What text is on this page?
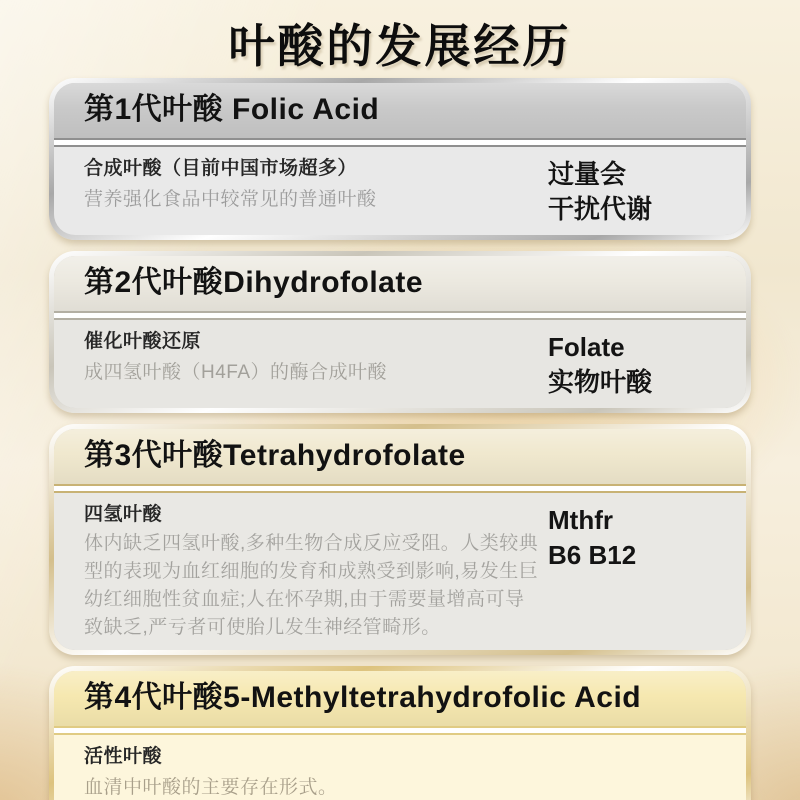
叶酸的发展经历
第1代叶酸 Folic Acid
合成叶酸（目前中国市场超多）
营养强化食品中较常见的普通叶酸
过量会
干扰代谢
第2代叶酸Dihydrofolate
催化叶酸还原
成四氢叶酸（H4FA）的酶合成叶酸
Folate
实物叶酸
第3代叶酸Tetrahydrofolate
四氢叶酸
体内缺乏四氢叶酸,多种生物合成反应受阻。人类较典型的表现为血红细胞的发育和成熟受到影响,易发生巨幼红细胞性贫血症;人在怀孕期,由于需要量增高可导致缺乏,严亏者可使胎儿发生神经管畸形。
Mthfr
B6 B12
第4代叶酸5-Methyltetrahydrofolic Acid
活性叶酸
血清中叶酸的主要存在形式。
